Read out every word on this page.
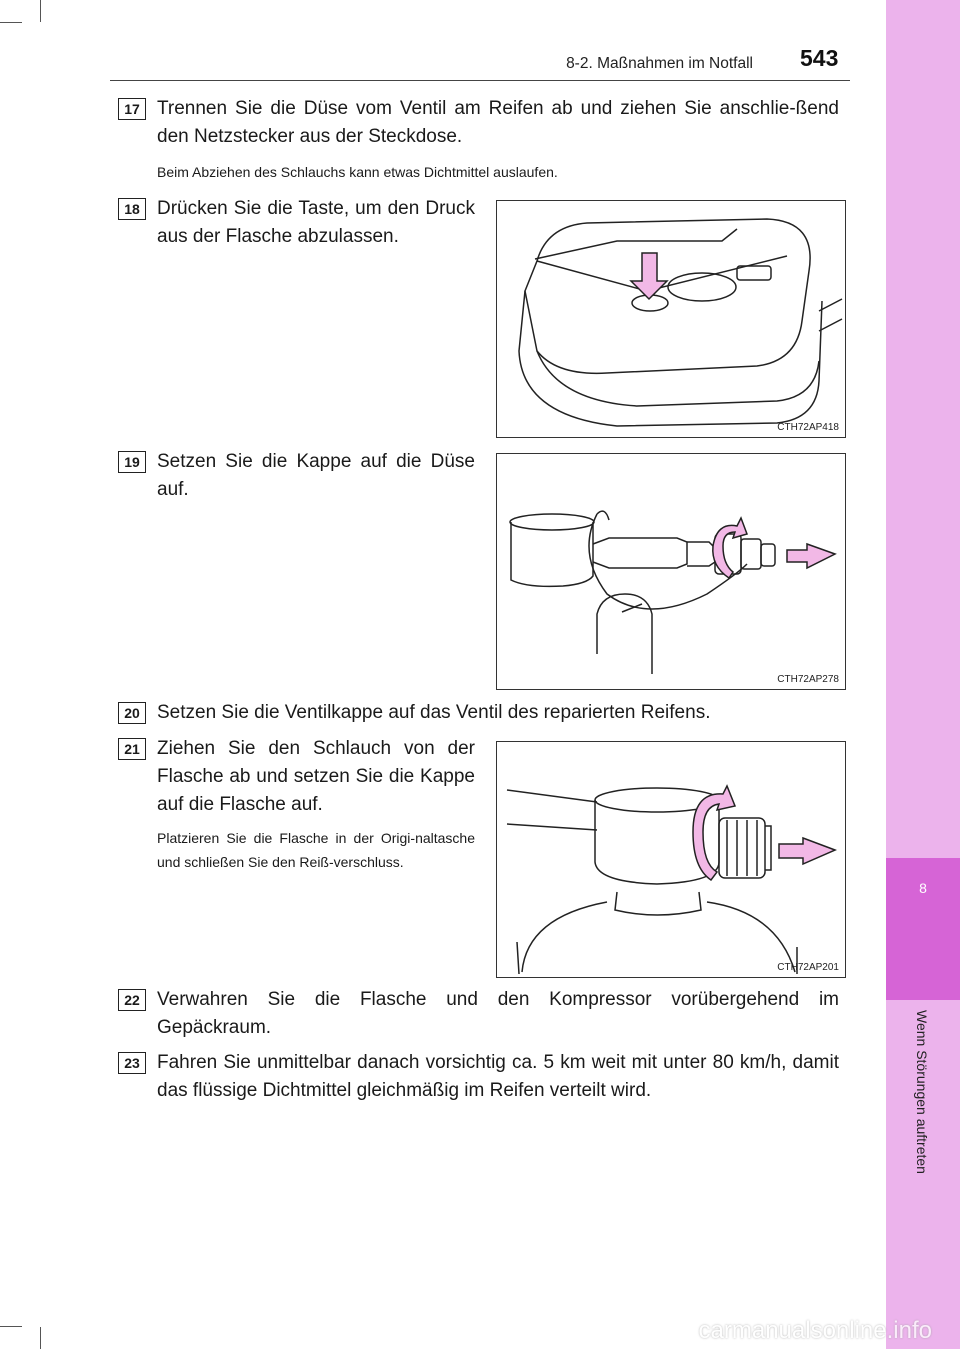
8
Wenn Störungen auftreten
8-2. Maßnahmen im Notfall 543
17 Trennen Sie die Düse vom Ventil am Reifen ab und ziehen Sie anschlie-ßend den Netzstecker aus der Steckdose.
Beim Abziehen des Schlauchs kann etwas Dichtmittel auslaufen.
18 Drücken Sie die Taste, um den Druck aus der Flasche abzulassen.
CTH72AP418
19 Setzen Sie die Kappe auf die Düse auf.
CTH72AP278
20 Setzen Sie die Ventilkappe auf das Ventil des reparierten Reifens.
21 Ziehen Sie den Schlauch von der Flasche ab und setzen Sie die Kappe auf die Flasche auf.
Platzieren Sie die Flasche in der Origi-naltasche und schließen Sie den Reiß-verschluss.
CTH72AP201
22 Verwahren Sie die Flasche und den Kompressor vorübergehend im Gepäckraum.
23 Fahren Sie unmittelbar danach vorsichtig ca. 5 km weit mit unter 80 km/h, damit das flüssige Dichtmittel gleichmäßig im Reifen verteilt wird.
carmanualsonline.info
